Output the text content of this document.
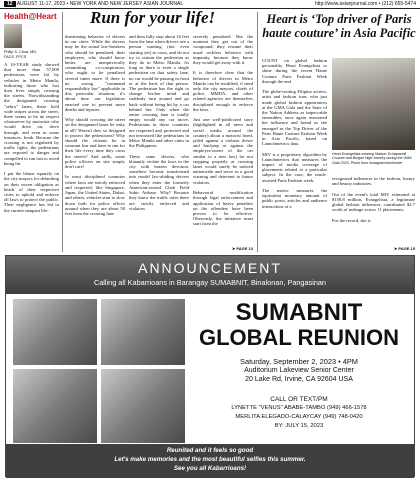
12 AUGUST 11-17, 2023 • NEW YORK AND NEW JERSEY ASIAN JOURNAL	http://www.asianjournal.com • (212) 655-5474
Health@Heart
Philip S. Chua, MD, FACS, FPCS
A 10-YEAR study showed that more than 57,000 pedestrians were hit by vehicles in Metro Manila, indicating those who lost their lives simply crossing the streets. Notwithstanding the designated crossing "zebra" lanes, these bold wide stripes across the street, there seems to be no respect whatsoever by motorists who would drive on, drive through, and even in some instances, honk. Because the crossing is not regulated by traffic lights, the pedestrians are exposed to danger and compelled to run fast to avoid being hit.

I put the blame squarely on the city mayors for defaulting on their sworn obligation as heads of their respective cities to uphold and enforce all laws to protect the public. Their negligence has led to the current rampant life-
Run for your life!
threatening behavior of drivers in our cities. While the drivers may be the actual law-breakers who should be penalized, their employers, who should know better, are unequivocally committing co-conspirators, who ought to be penalized several times more. If there is no strong "command responsibility law" applicable in this particular situation, it's about time our legislators enacted one to prevent more deaths and injuries.

Why should crossing the street on the designated lanes be risky at all? Weren't they so designed to protect the pedestrians? Why should the citizens be in constant fear and have to run for their life every time they cross the streets? And sadly, some police officers on site simply don't care!

In most disciplined countries where laws are strictly enforced and respected, like Singapore, Japan, the United States, Dubai, and others, vehicles start to slow down both for police officer around when they are about 50 feet from the crossing lane
and then fully stop about 16 feet from the lane when drivers see a person wanting (not even starting yet) to cross, and do not try to outrun the pedestrian as they do in Metro Manila. As long as there is even a single pedestrian on that safety lane, no car would be passing in front or at the back of that person. The pedestrian has the right to change his/her mind and suddenly turn around and go back without being hit by a car behind her. Only when the entire crossing lane is totally empty would any car move. Pedestrians in those countries are respected and protected and not terrorized like pedestrians in Metro Manila and other cities in the Philippines.

These same drivers, who blatantly violate the laws in the city with brazen devotion, somehow become transformed into model law-abiding drivers when they enter the formerly American-owned Clark Field Subic Airbase. Why? Because they know the traffic rules there are strictly enforced and violators
severely penalized. But the moment they get out of the compound, they resume their usual reckless behavior with impunity, because they know they would get away with it.

It is therefore clear that the behavior of drivers in Metro Manila can be modified, if need only the city mayors, chiefs of police, MMDA, and other related agencies are themselves disciplined enough to enforce the laws.

Just one well-publicized story (highlighted in all news and social media around the country) about a motorist fined, jailed against a violator driver and bus/jeep or against the employer/owner of the car similar to a new law) for not stopping properly at crossing lanes would surely be noticed nationwide and serve as a good warning and deterrent to future violators.

Behavioral modification through legal enforcement and application of heavy penalties on the offenders have been proven to be effective. Obviously, the initiative must start from the
➤ PAGE 13
Heart is ‘Top driver of Paris haute couture’ in Asia Pacific
COUNT on global fashion personality Heart Evangelista to shine during the recent Haute Couture Paris Fashion Week through the end.

The globe-trotting Filipino actress, artist and fashion icon, who just made global fashion appearances at the GMA Gala and the State of the Nation Address as impeccable ensembles, once again reasserted her influence and brand as she emerged as the Top Driver of the Paris Haute Couture Fashion Week in Asia Pacific, based on Launchmetrics data.

MIV is a proprietary algorithm by Launchmetrics that measures the impact of media coverage of placements related to a particular subject. In the case, the much-awaited Paris Fashion week.

The metric measures the equivalent monetary amount of public posts, articles and audience interactions of a
Heart Evangelista wearing Maison Schiaparelli Couture and Bulgari High Jewelry during the GMA Gala 2023. Photo from Instagram/iamhearte
recognized influencer in the fashion, luxury and beauty industries.

Out of the event's total MIV estimated at $158.8 million, Evangelista, a legitimate global fashion influencer, contributed $2.7 worth of mileage across 11 placements.

For the record, she is
➤ PAGE 15
ANNOUNCEMENT
Calling all Kabarrioans in Barangay SUMABNIT, Binalonan, Pangasinan
SUMABNIT
GLOBAL REUNION
Saturday, September 2, 2023 • 4PM
Auditorium Lakeview Senior Center
20 Lake Rd, Irvine, CA 92604 USA
CALL OR TEXT/PM
LYNETTE "VENUS" ABABE-TAMBO (949) 466-1578
MERLITA ELEGADO-CALAYCAY (949) 748-0420
BY: JULY 15, 2023
Reunited and it feels so good
Let's make memories and the most beautiful selfies this summer.
See you all Kabarrioans!
